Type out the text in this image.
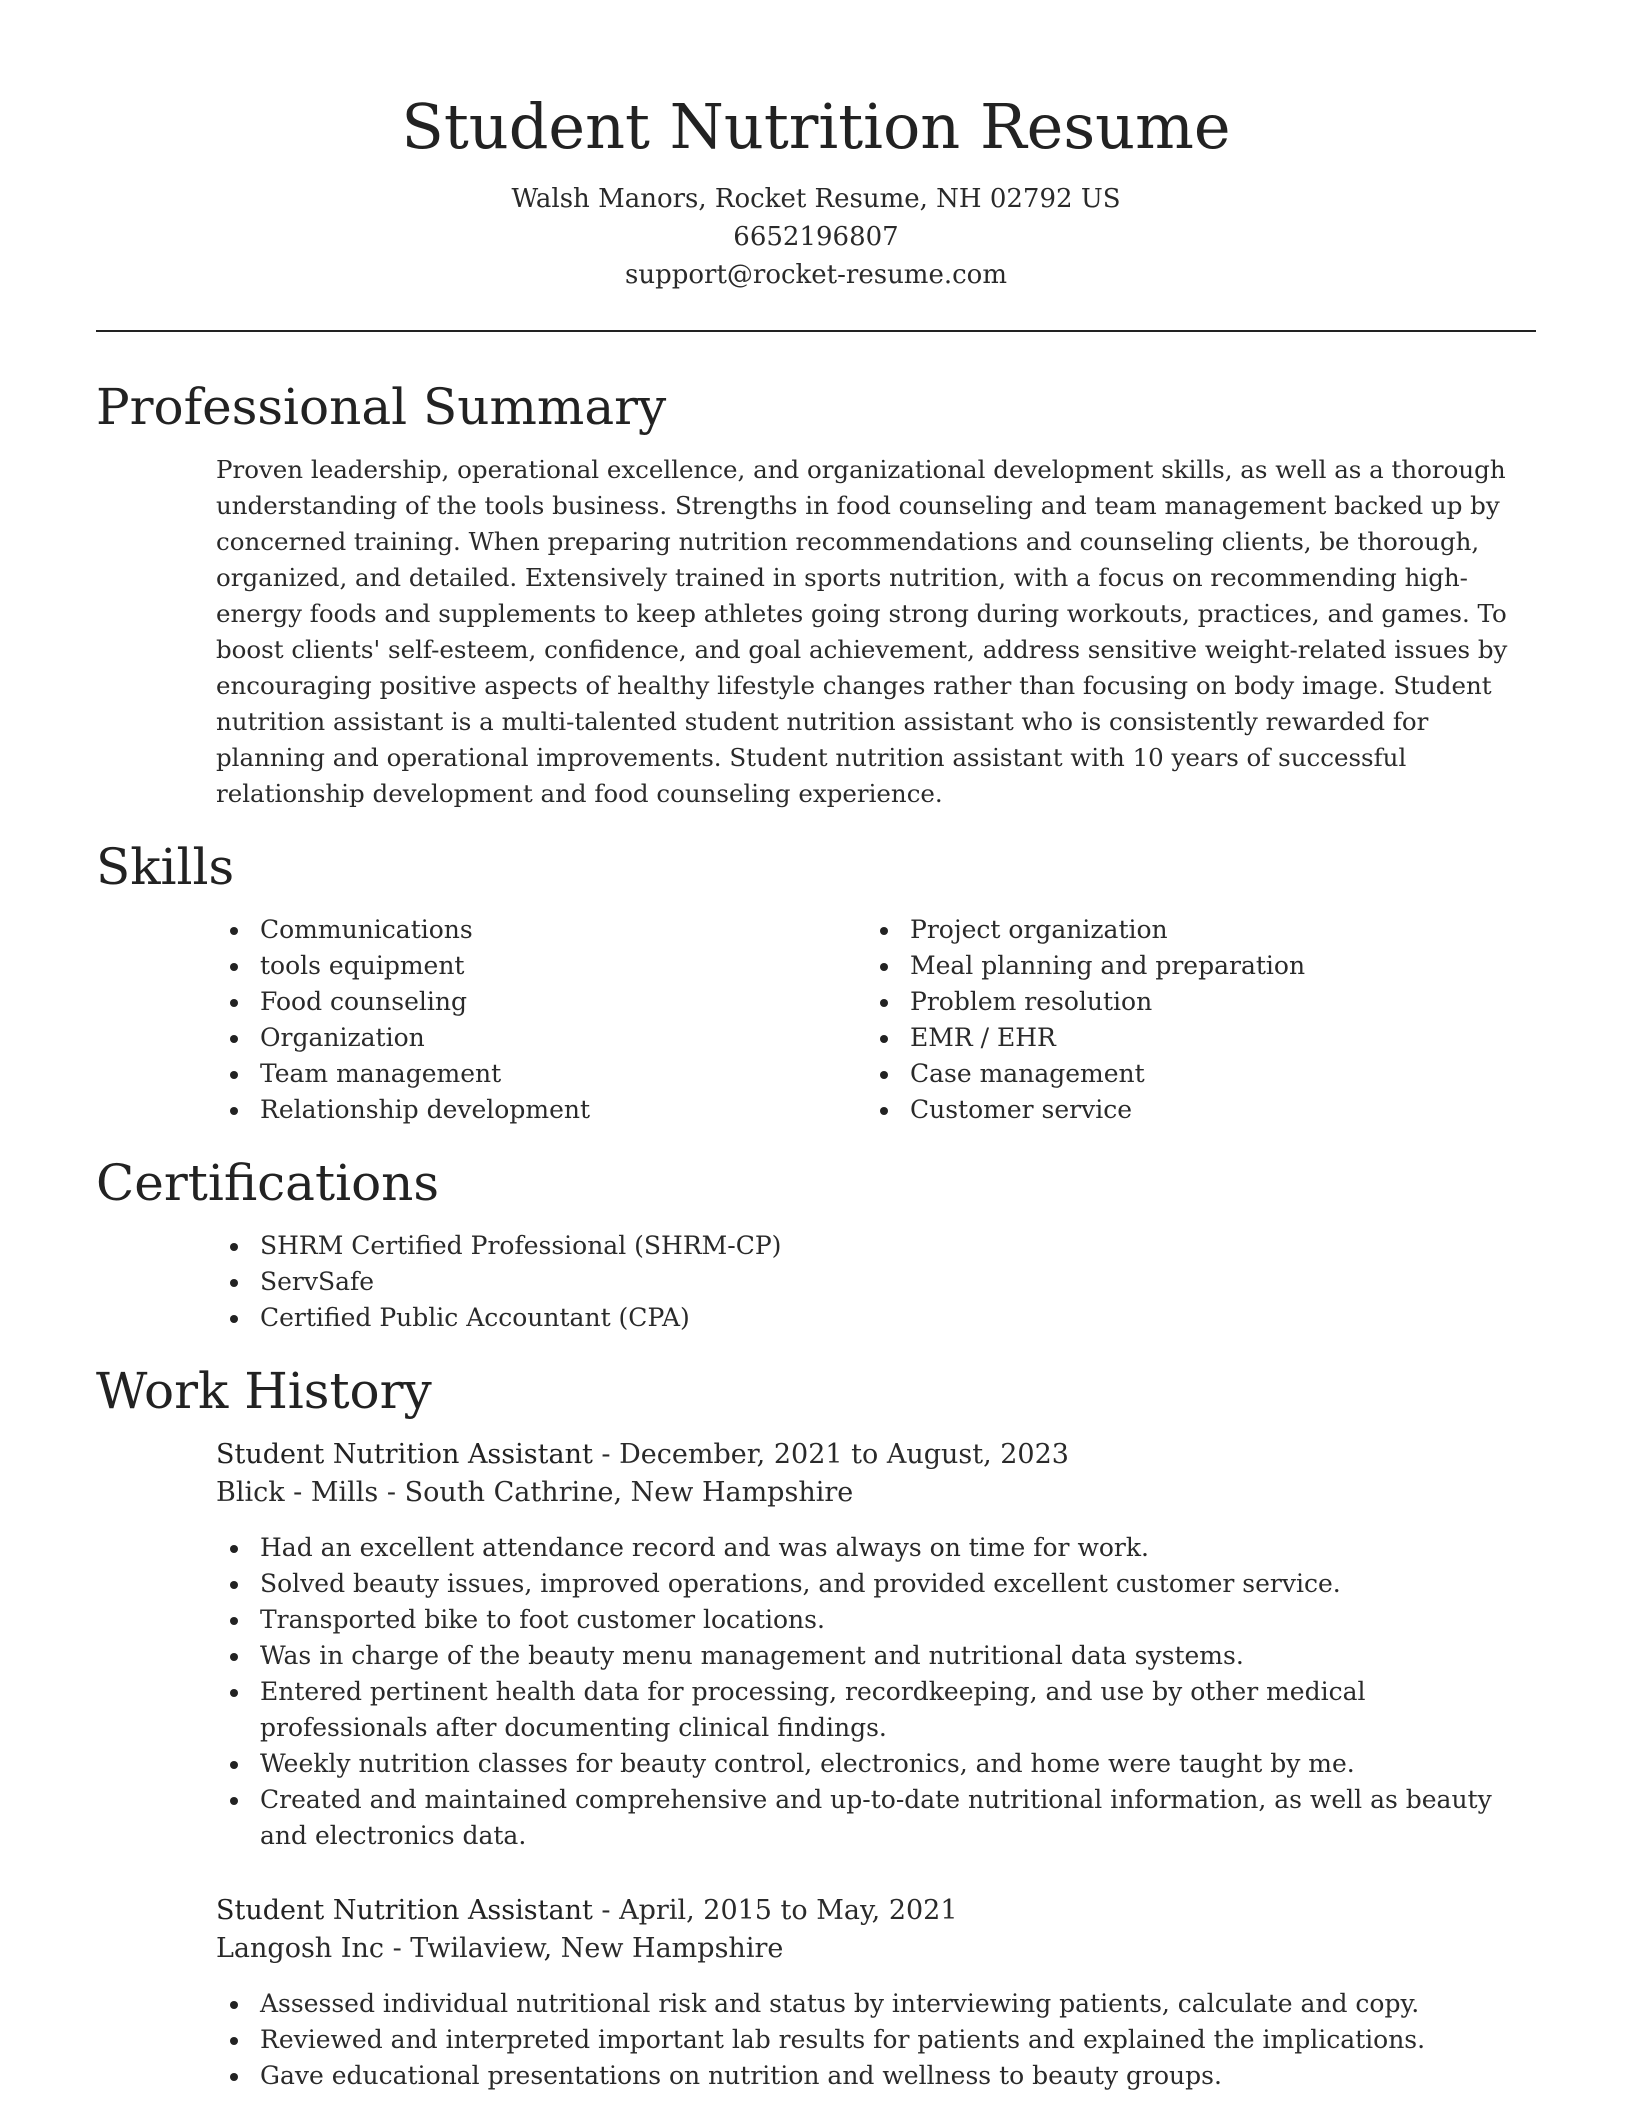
Student Nutrition Resume

Walsh Manors, Rocket Resume, NH 02792 US

6652196807

support@rocket-resume.com

Professional Summary

Proven leadership, operational excellence, and organizational development skills, as well as a thorough understanding of the tools business. Strengths in food counseling and team management backed up by concerned training. When preparing nutrition recommendations and counseling clients, be thorough, organized, and detailed. Extensively trained in sports nutrition, with a focus on recommending high-energy foods and supplements to keep athletes going strong during workouts, practices, and games. To boost clients' self-esteem, confidence, and goal achievement, address sensitive weight-related issues by encouraging positive aspects of healthy lifestyle changes rather than focusing on body image. Student nutrition assistant is a multi-talented student nutrition assistant who is consistently rewarded for planning and operational improvements. Student nutrition assistant with 10 years of successful relationship development and food counseling experience.

Skills
Communications
tools equipment
Food counseling
Organization
Team management
Relationship development
Project organization
Meal planning and preparation
Problem resolution
EMR / EHR
Case management
Customer service
Certifications
SHRM Certified Professional (SHRM-CP)
ServSafe
Certified Public Accountant (CPA)
Work History

Student Nutrition Assistant - December, 2021 to August, 2023

Blick - Mills - South Cathrine, New Hampshire

Had an excellent attendance record and was always on time for work.
Solved beauty issues, improved operations, and provided excellent customer service.
Transported bike to foot customer locations.
Was in charge of the beauty menu management and nutritional data systems.
Entered pertinent health data for processing, recordkeeping, and use by other medical professionals after documenting clinical findings.
Weekly nutrition classes for beauty control, electronics, and home were taught by me.
Created and maintained comprehensive and up-to-date nutritional information, as well as beauty and electronics data.

Student Nutrition Assistant - April, 2015 to May, 2021

Langosh Inc - Twilaview, New Hampshire

Assessed individual nutritional risk and status by interviewing patients, calculate and copy.
Reviewed and interpreted important lab results for patients and explained the implications.
Gave educational presentations on nutrition and wellness to beauty groups.
